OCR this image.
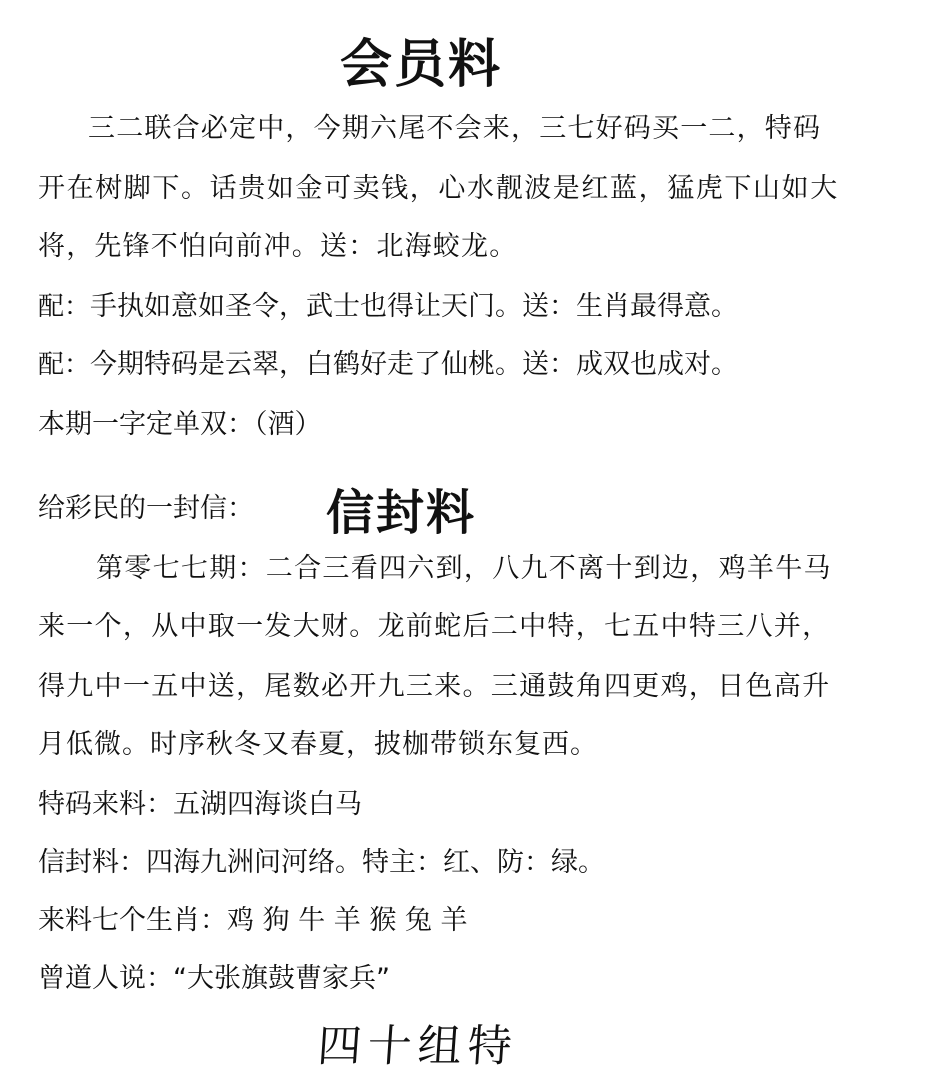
会员料
三二联合必定中，今期六尾不会来，三七好码买一二，特码
开在树脚下。话贵如金可卖钱，心水靓波是红蓝，猛虎下山如大
将，先锋不怕向前冲。送：北海蛟龙。
配：手执如意如圣令，武士也得让天门。送：生肖最得意。
配：今期特码是云翠，白鹤好走了仙桃。送：成双也成对。
本期一字定单双：（酒）
给彩民的一封信： 信封料
第零七七期：二合三看四六到，八九不离十到边，鸡羊牛马
来一个，从中取一发大财。龙前蛇后二中特，七五中特三八并，
得九中一五中送，尾数必开九三来。三通鼓角四更鸡，日色高升
月低微。时序秋冬又春夏，披枷带锁东复西。
特码来料：五湖四海谈白马
信封料：四海九洲问河络。特主：红、防：绿。
来料七个生肖：鸡 狗 牛 羊 猴 兔 羊
曾道人说：“大张旗鼓曹家兵”
四十组特
